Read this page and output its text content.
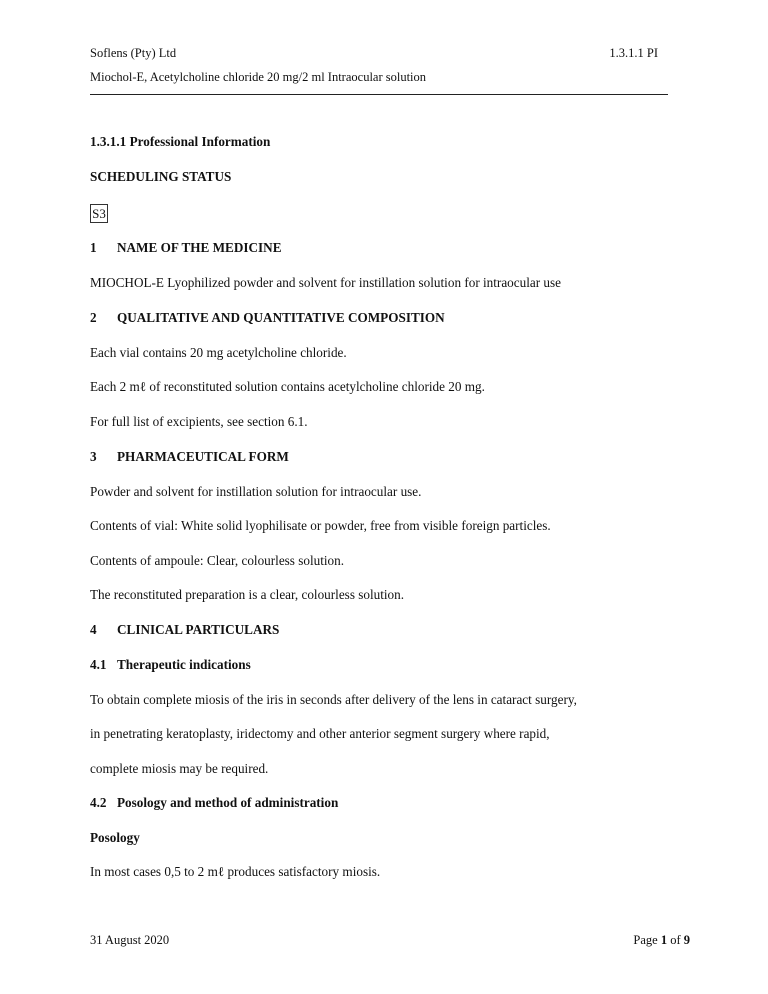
Soflens (Pty) Ltd	1.3.1.1 PI
Miochol-E, Acetylcholine chloride 20 mg/2 ml Intraocular solution
1.3.1.1 Professional Information
SCHEDULING STATUS
S3
1 NAME OF THE MEDICINE
MIOCHOL-E Lyophilized powder and solvent for instillation solution for intraocular use
2 QUALITATIVE AND QUANTITATIVE COMPOSITION
Each vial contains 20 mg acetylcholine chloride.
Each 2 mℓ of reconstituted solution contains acetylcholine chloride 20 mg.
For full list of excipients, see section 6.1.
3 PHARMACEUTICAL FORM
Powder and solvent for instillation solution for intraocular use.
Contents of vial: White solid lyophilisate or powder, free from visible foreign particles.
Contents of ampoule: Clear, colourless solution.
The reconstituted preparation is a clear, colourless solution.
4 CLINICAL PARTICULARS
4.1 Therapeutic indications
To obtain complete miosis of the iris in seconds after delivery of the lens in cataract surgery,
in penetrating keratoplasty, iridectomy and other anterior segment surgery where rapid,
complete miosis may be required.
4.2 Posology and method of administration
Posology
In most cases 0,5 to 2 mℓ produces satisfactory miosis.
31 August 2020	Page 1 of 9
